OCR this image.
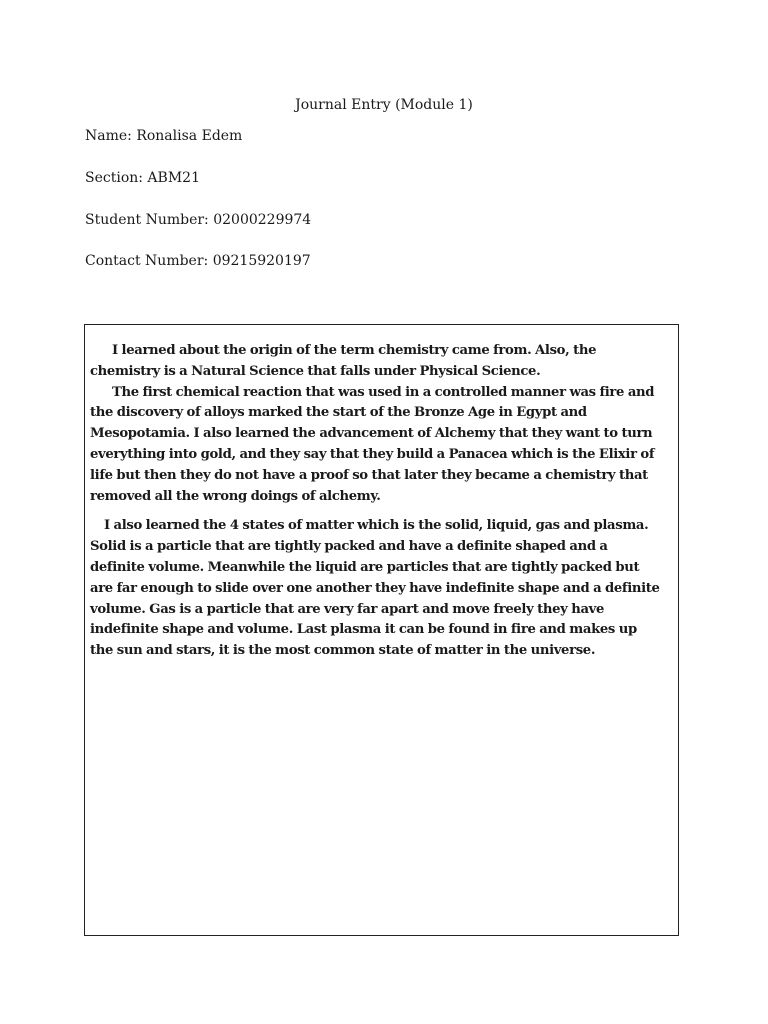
Journal Entry (Module 1)
Name: Ronalisa Edem
Section: ABM21
Student Number: 02000229974
Contact Number: 09215920197

I learned about the origin of the term chemistry came from. Also, the chemistry is a Natural Science that falls under Physical Science.

The first chemical reaction that was used in a controlled manner was fire and the discovery of alloys marked the start of the Bronze Age in Egypt and Mesopotamia. I also learned the advancement of Alchemy that they want to turn everything into gold, and they say that they build a Panacea which is the Elixir of life but then they do not have a proof so that later they became a chemistry that removed all the wrong doings of alchemy.

I also learned the 4 states of matter which is the solid, liquid, gas and plasma. Solid is a particle that are tightly packed and have a definite shaped and a definite volume. Meanwhile the liquid are particles that are tightly packed but are far enough to slide over one another they have indefinite shape and a definite volume. Gas is a particle that are very far apart and move freely they have indefinite shape and volume. Last plasma it can be found in fire and makes up the sun and stars, it is the most common state of matter in the universe.
